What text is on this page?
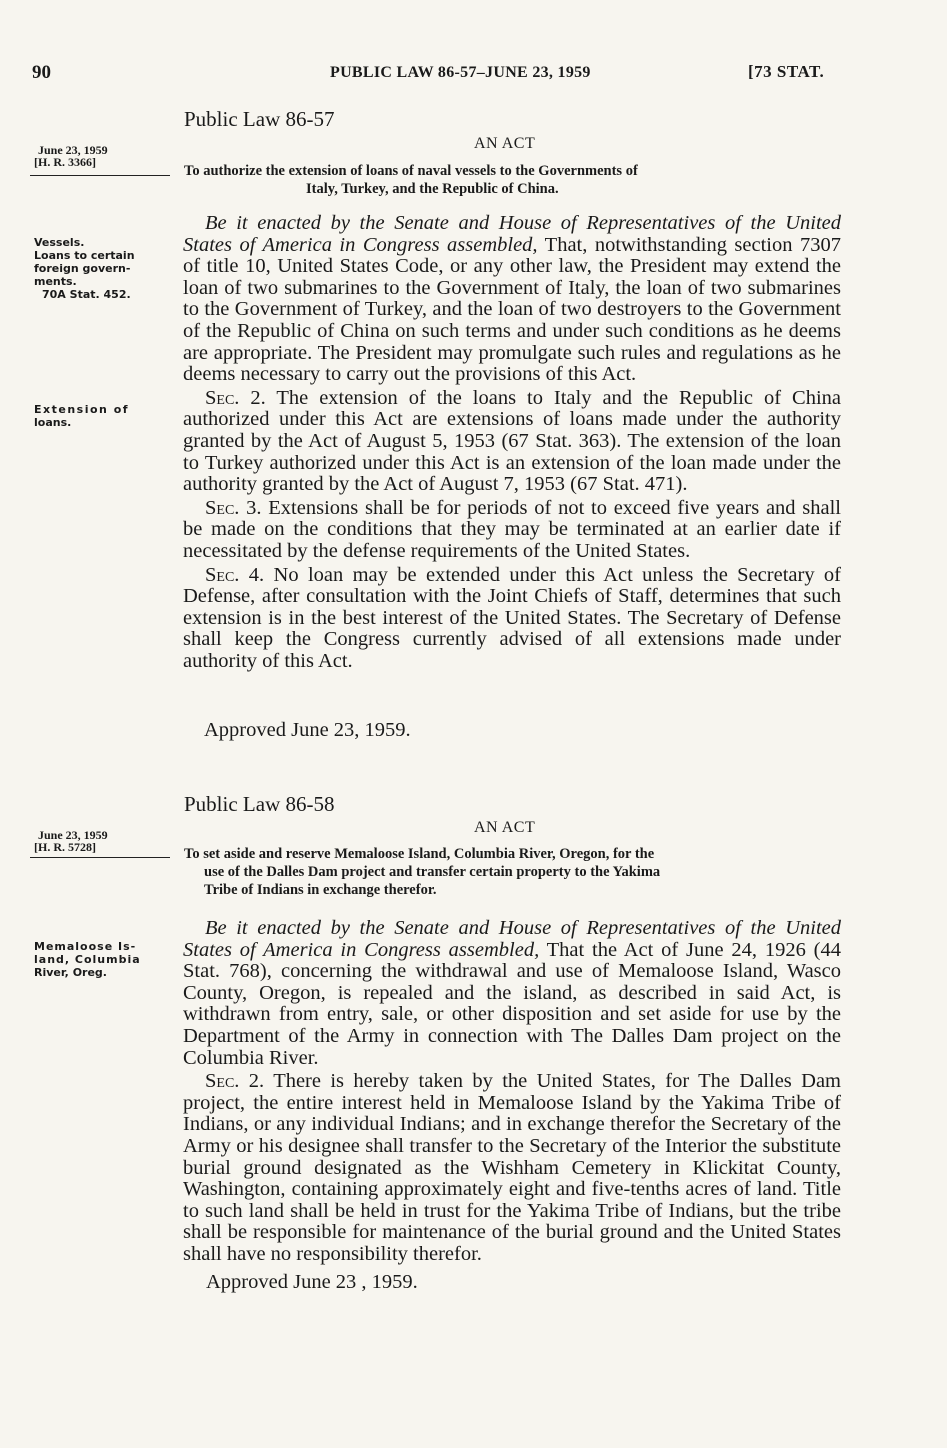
90	PUBLIC LAW 86-57–JUNE 23, 1959	[73 STAT.
Public Law 86-57
AN ACT
June 23, 1959
[H. R. 3366]
To authorize the extension of loans of naval vessels to the Governments of
Italy, Turkey, and the Republic of China.
Vessels.
Loans to certain
foreign govern-
ments.
70A Stat. 452.
Extension of
loans.

Be it enacted by the Senate and House of Representatives of the United States of America in Congress assembled, That, notwithstanding section 7307 of title 10, United States Code, or any other law, the President may extend the loan of two submarines to the Government of Italy, the loan of two submarines to the Government of Turkey, and the loan of two destroyers to the Government of the Republic of China on such terms and under such conditions as he deems are appropriate. The President may promulgate such rules and regulations as he deems necessary to carry out the provisions of this Act.

Sec. 2. The extension of the loans to Italy and the Republic of China authorized under this Act are extensions of loans made under the authority granted by the Act of August 5, 1953 (67 Stat. 363). The extension of the loan to Turkey authorized under this Act is an extension of the loan made under the authority granted by the Act of August 7, 1953 (67 Stat. 471).

Sec. 3. Extensions shall be for periods of not to exceed five years and shall be made on the conditions that they may be terminated at an earlier date if necessitated by the defense requirements of the United States.

Sec. 4. No loan may be extended under this Act unless the Secretary of Defense, after consultation with the Joint Chiefs of Staff, determines that such extension is in the best interest of the United States. The Secretary of Defense shall keep the Congress currently advised of all extensions made under authority of this Act.

Approved June 23, 1959.
Public Law 86-58
AN ACT
June 23, 1959
[H. R. 5728]	To set aside and reserve Memaloose Island, Columbia River, Oregon, for the
use of the Dalles Dam project and transfer certain property to the Yakima
Tribe of Indians in exchange therefor.
Memaloose Is-
land, Columbia
River, Oreg.

Be it enacted by the Senate and House of Representatives of the United States of America in Congress assembled, That the Act of June 24, 1926 (44 Stat. 768), concerning the withdrawal and use of Memaloose Island, Wasco County, Oregon, is repealed and the island, as described in said Act, is withdrawn from entry, sale, or other disposition and set aside for use by the Department of the Army in connection with The Dalles Dam project on the Columbia River.

Sec. 2. There is hereby taken by the United States, for The Dalles Dam project, the entire interest held in Memaloose Island by the Yakima Tribe of Indians, or any individual Indians; and in exchange therefor the Secretary of the Army or his designee shall transfer to the Secretary of the Interior the substitute burial ground designated as the Wishham Cemetery in Klickitat County, Washington, containing approximately eight and five-tenths acres of land. Title to such land shall be held in trust for the Yakima Tribe of Indians, but the tribe shall be responsible for maintenance of the burial ground and the United States shall have no responsibility therefor.

Approved June 23 , 1959.
